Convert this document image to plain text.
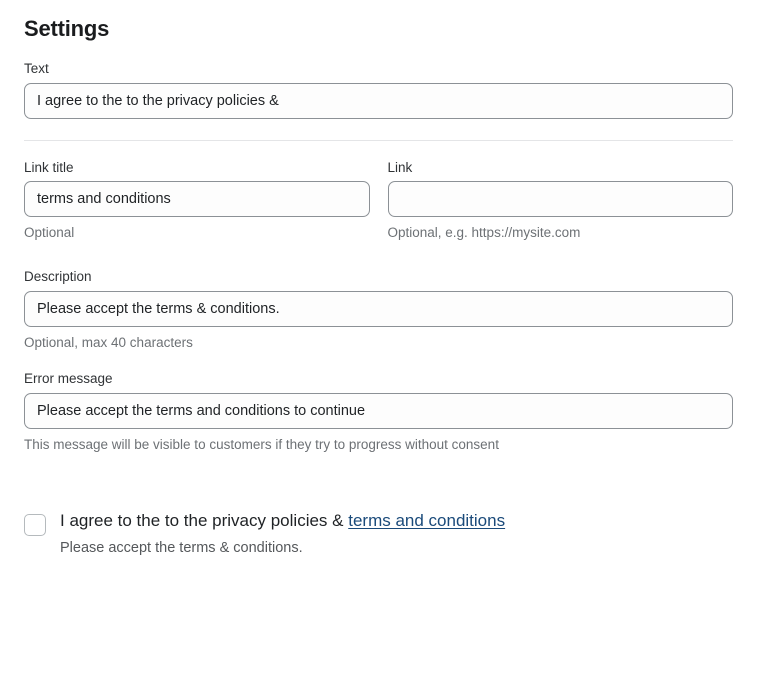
Settings
Text
I agree to the to the privacy policies &
Link title
terms and conditions
Optional
Link
Optional, e.g. https://mysite.com
Description
Please accept the terms & conditions.
Optional, max 40 characters
Error message
Please accept the terms and conditions to continue
This message will be visible to customers if they try to progress without consent
I agree to the to the privacy policies & terms and conditions
Please accept the terms & conditions.
